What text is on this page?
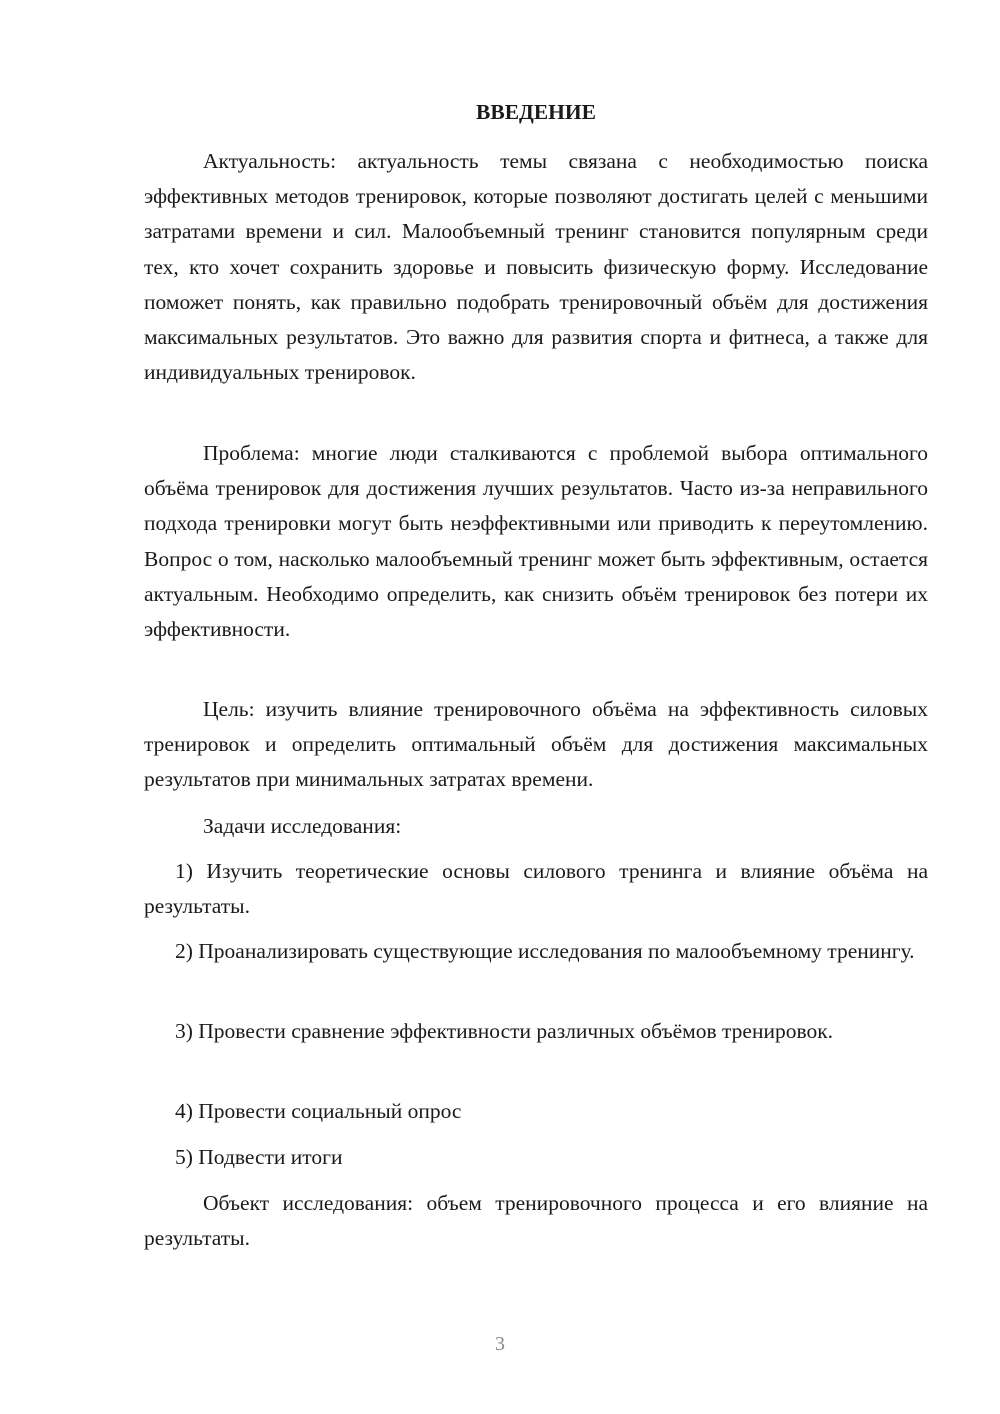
ВВЕДЕНИЕ

Актуальность: актуальность темы связана с необходимостью поиска эффективных методов тренировок, которые позволяют достигать целей с меньшими затратами времени и сил. Малообъемный тренинг становится популярным среди тех, кто хочет сохранить здоровье и повысить физическую форму. Исследование поможет понять, как правильно подобрать тренировочный объём для достижения максимальных результатов. Это важно для развития спорта и фитнеса, а также для индивидуальных тренировок.

Проблема: многие люди сталкиваются с проблемой выбора оптимального объёма тренировок для достижения лучших результатов. Часто из-за неправильного подхода тренировки могут быть неэффективными или приводить к переутомлению. Вопрос о том, насколько малообъемный тренинг может быть эффективным, остается актуальным. Необходимо определить, как снизить объём тренировок без потери их эффективности.

Цель: изучить влияние тренировочного объёма на эффективность силовых тренировок и определить оптимальный объём для достижения максимальных результатов при минимальных затратах времени.

Задачи исследования:

1) Изучить теоретические основы силового тренинга и влияние объёма на результаты.

2) Проанализировать существующие исследования по малообъемному тренингу.

3) Провести сравнение эффективности различных объёмов тренировок.

4) Провести социальный опрос

5) Подвести итоги

Объект исследования: объем тренировочного процесса и его влияние на результаты.

3
